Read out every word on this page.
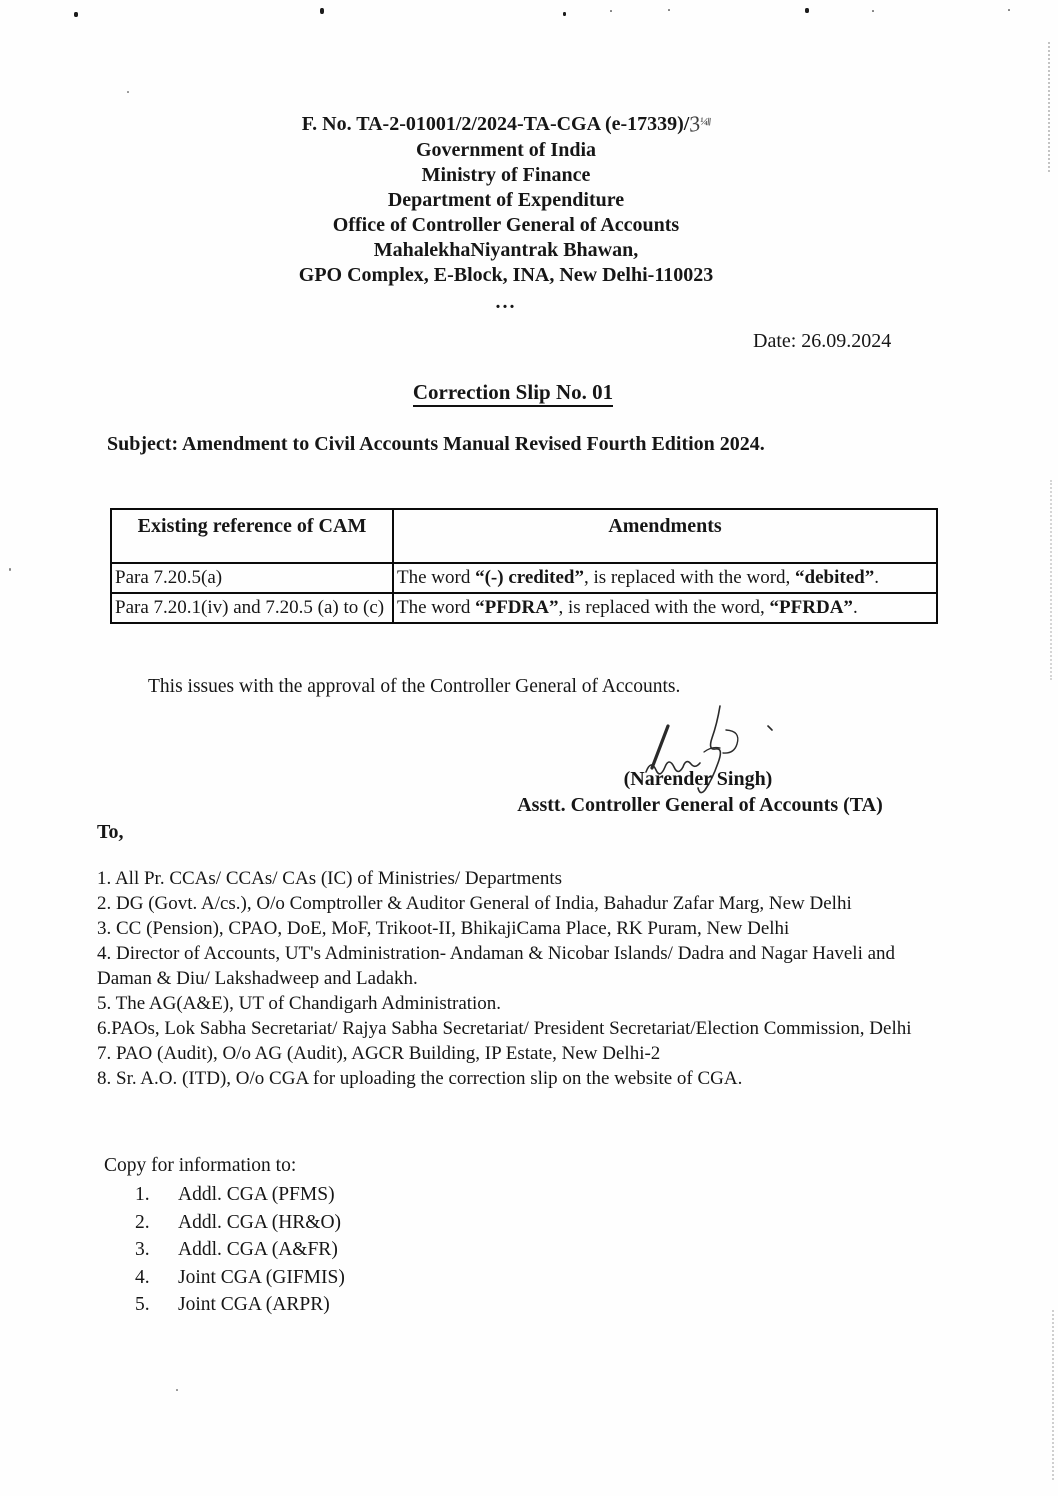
F. No. TA-2-01001/2/2024-TA-CGA (e-17339)/3¼‖
Government of India
Ministry of Finance
Department of Expenditure
Office of Controller General of Accounts
MahalekhaNiyantrak Bhawan,
GPO Complex, E-Block, INA, New Delhi-110023
...
Date: 26.09.2024
Correction Slip No. 01
Subject: Amendment to Civil Accounts Manual Revised Fourth Edition 2024.
Existing reference of CAM	Amendments
Para 7.20.5(a)	The word “(-) credited”, is replaced with the word, “debited”.
Para 7.20.1(iv) and 7.20.5 (a) to (c)	The word “PFDRA”, is replaced with the word, “PFRDA”.
This issues with the approval of the Controller General of Accounts.
(Narender Singh)
Asstt. Controller General of Accounts (TA)
To,
1. All Pr. CCAs/ CCAs/ CAs (IC) of Ministries/ Departments
2. DG (Govt. A/cs.), O/o Comptroller & Auditor General of India, Bahadur Zafar Marg, New Delhi
3. CC (Pension), CPAO, DoE, MoF, Trikoot-II, BhikajiCama Place, RK Puram, New Delhi
4. Director of Accounts, UT's Administration- Andaman & Nicobar Islands/ Dadra and Nagar Haveli and Daman & Diu/ Lakshadweep and Ladakh.
5. The AG(A&E), UT of Chandigarh Administration.
6.PAOs, Lok Sabha Secretariat/ Rajya Sabha Secretariat/ President Secretariat/Election Commission, Delhi
7. PAO (Audit), O/o AG (Audit), AGCR Building, IP Estate, New Delhi-2
8. Sr. A.O. (ITD), O/o CGA for uploading the correction slip on the website of CGA.
Copy for information to:
1.	Addl. CGA (PFMS)
2.	Addl. CGA (HR&O)
3.	Addl. CGA (A&FR)
4.	Joint CGA (GIFMIS)
5.	Joint CGA (ARPR)
